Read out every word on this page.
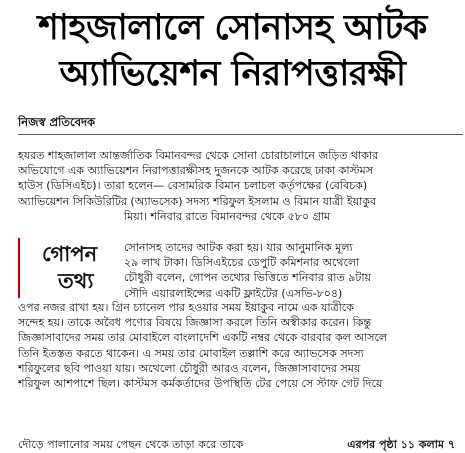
শাহজালালে সোনাসহ আটক
অ্যাভিয়েশন নিরাপত্তারক্ষী
নিজস্ব প্রতিবেদক
হযরত শাহজালাল আন্তর্জাতিক বিমানবন্দর থেকে সোনা চোরাচালানে জড়িত থাকার
অভিযোগে এক অ্যাভিয়েশন নিরাপত্তারক্ষীসহ দুজনকে আটক করেছে ঢাকা কাস্টমস
হাউস (ডিসিএইচ)। তারা হলেন— বেসামরিক বিমান চলাচল কর্তৃপক্ষের (বেবিচক)
অ্যাভিয়েশন সিকিউরিটির (অ্যাভসেক) সদস্য শরিফুল ইসলাম ও বিমান যাত্রী ইয়াকুব
মিয়া। শনিবার রাতে বিমানবন্দর থেকে ৫৮০ গ্রাম
গোপন
তথ্য
সোনাসহ তাদের আটক করা হয়। যার আনুমানিক মূল্য
২৯ লাখ টাকা। ডিসিএইচের ডেপুটি কমিশনার অথেলো
চৌধুরী বলেন, গোপন তথ্যের ভিত্তিতে শনিবার রাত ৯টায়
সৌদি এয়ারলাইন্সের একটি ফ্লাইটের (এসভি-৮০৪)
ওপর নজর রাখা হয়। গ্রিন চ্যানেল পার হওয়ার সময় ইয়াকুব নামে এক যাত্রীকে
সন্দেহ হয়। তাকে অবৈধ পণ্যের বিষয়ে জিজ্ঞাসা করলে তিনি অস্বীকার করেন। কিন্তু
জিজ্ঞাসাবাদের সময় তার মোবাইলে বাংলাদেশি একটি নম্বর থেকে বারবার কল আসলে
তিনি ইতস্তত করতে থাকেন। এ সময় তার মোবাইল তল্লাশি করে অ্যাভসেক সদস্য
শরিফুলের ছবি পাওয়া যায়। অথেলো চৌধুরী আরও বলেন, জিজ্ঞাসাবাদের সময়
শরিফুল আশপাশে ছিল। কাস্টমস কর্মকর্তাদের উপস্থিতি টের পেয়ে সে স্টাফ গেট দিয়ে
দৌড়ে পালানোর সময় পেছন থেকে তাড়া করে তাকে	এরপর পৃষ্ঠা ১১ কলাম ৭
